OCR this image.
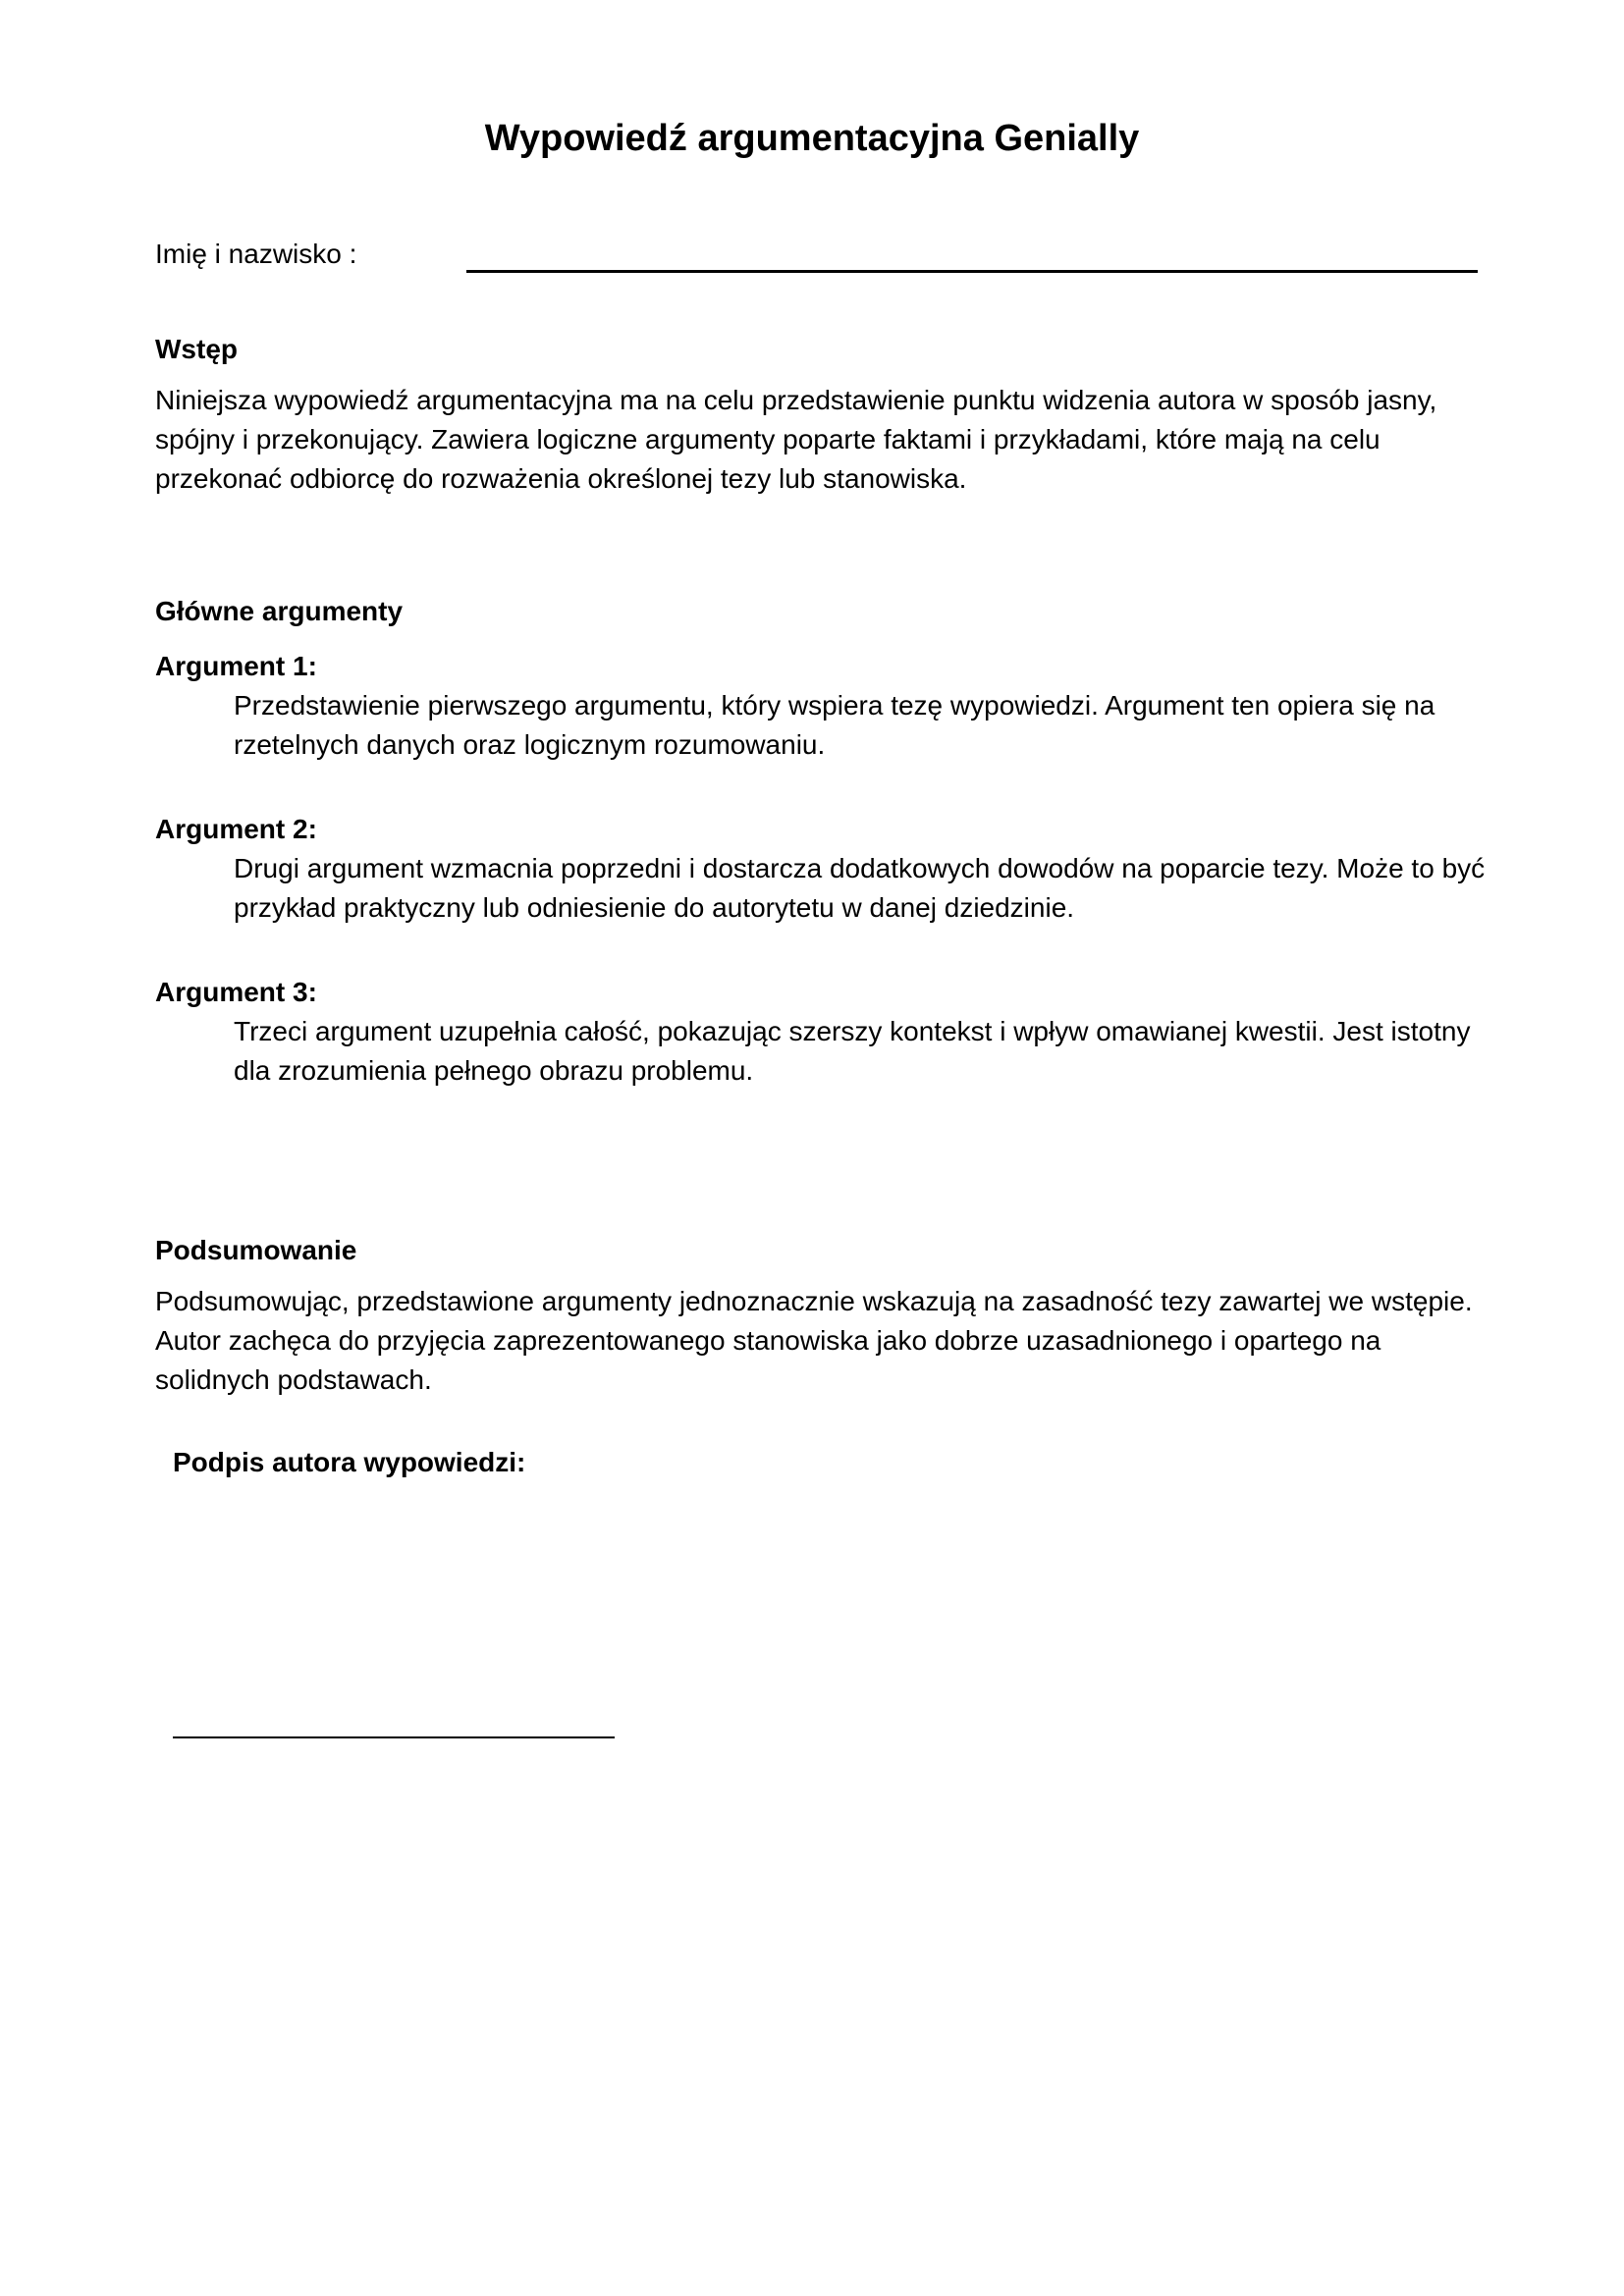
Wypowiedź argumentacyjna Genially
Imię i nazwisko :
Wstęp

Niniejsza wypowiedź argumentacyjna ma na celu przedstawienie punktu widzenia autora w sposób jasny, spójny i przekonujący. Zawiera logiczne argumenty poparte faktami i przykładami, które mają na celu przekonać odbiorcę do rozważenia określonej tezy lub stanowiska.

Główne argumenty
Argument 1:

Przedstawienie pierwszego argumentu, który wspiera tezę wypowiedzi. Argument ten opiera się na rzetelnych danych oraz logicznym rozumowaniu.

Argument 2:

Drugi argument wzmacnia poprzedni i dostarcza dodatkowych dowodów na poparcie tezy. Może to być przykład praktyczny lub odniesienie do autorytetu w danej dziedzinie.

Argument 3:

Trzeci argument uzupełnia całość, pokazując szerszy kontekst i wpływ omawianej kwestii. Jest istotny dla zrozumienia pełnego obrazu problemu.

Podsumowanie

Podsumowując, przedstawione argumenty jednoznacznie wskazują na zasadność tezy zawartej we wstępie. Autor zachęca do przyjęcia zaprezentowanego stanowiska jako dobrze uzasadnionego i opartego na solidnych podstawach.

Podpis autora wypowiedzi:
